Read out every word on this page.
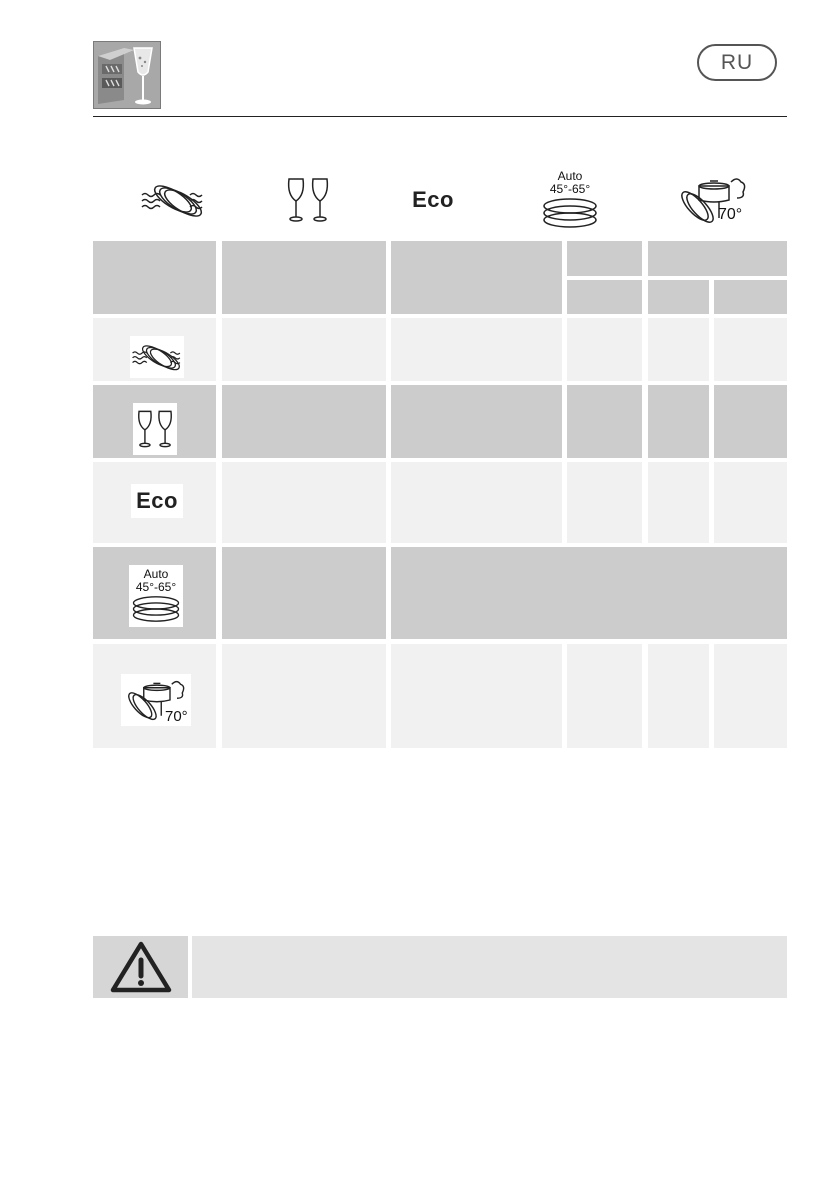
RU
Eco
Auto
45°-65°
70°
Eco
Auto
45°-65°
70°
